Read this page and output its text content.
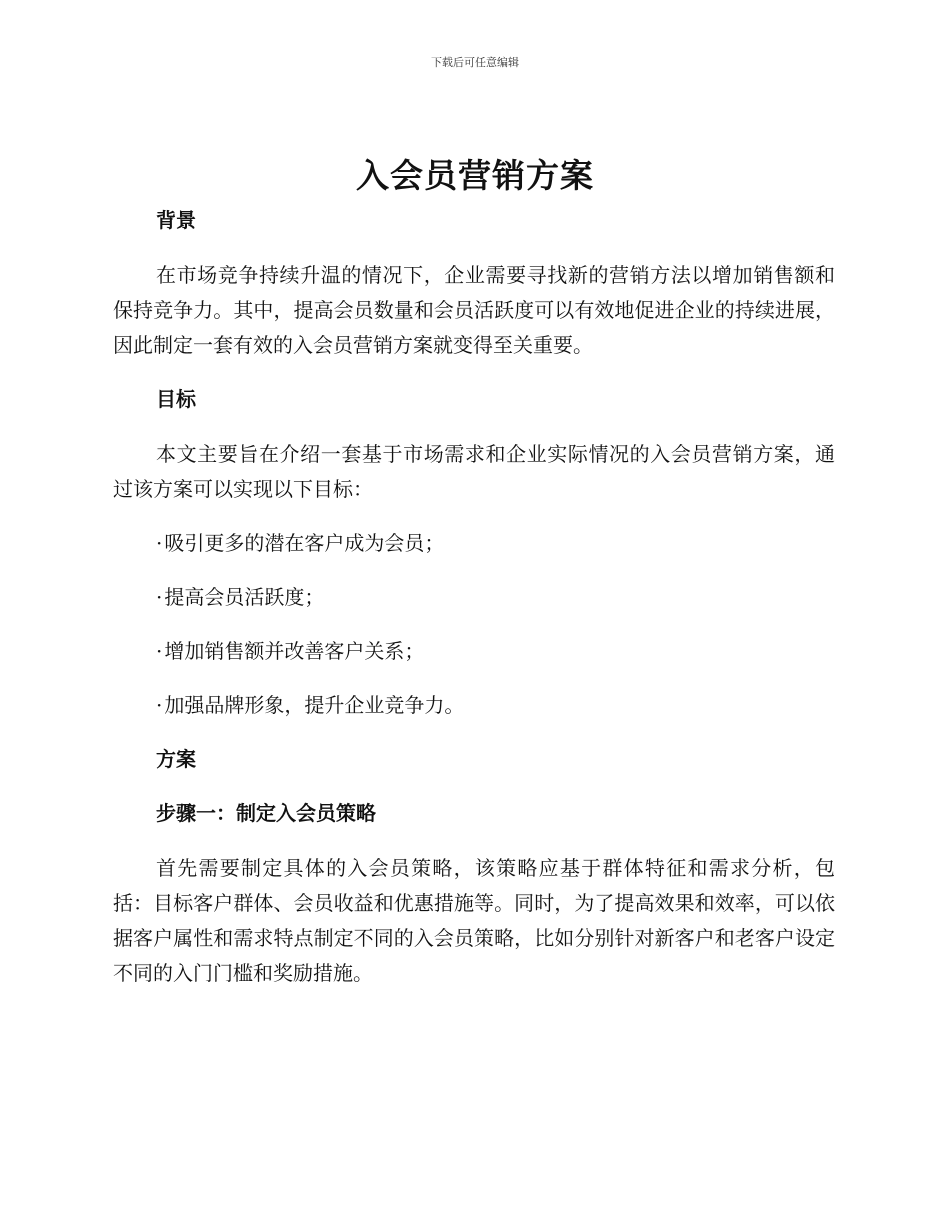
下载后可任意编辑
入会员营销方案
背景

在市场竞争持续升温的情况下，企业需要寻找新的营销方法以增加销售额和保持竞争力。其中，提高会员数量和会员活跃度可以有效地促进企业的持续进展，因此制定一套有效的入会员营销方案就变得至关重要。

目标

本文主要旨在介绍一套基于市场需求和企业实际情况的入会员营销方案，通过该方案可以实现以下目标：

· 吸引更多的潜在客户成为会员；
· 提高会员活跃度；
· 增加销售额并改善客户关系；
· 加强品牌形象，提升企业竞争力。
方案
步骤一：制定入会员策略

首先需要制定具体的入会员策略，该策略应基于群体特征和需求分析，包括：目标客户群体、会员收益和优惠措施等。同时，为了提高效果和效率，可以依据客户属性和需求特点制定不同的入会员策略，比如分别针对新客户和老客户设定不同的入门门槛和奖励措施。
